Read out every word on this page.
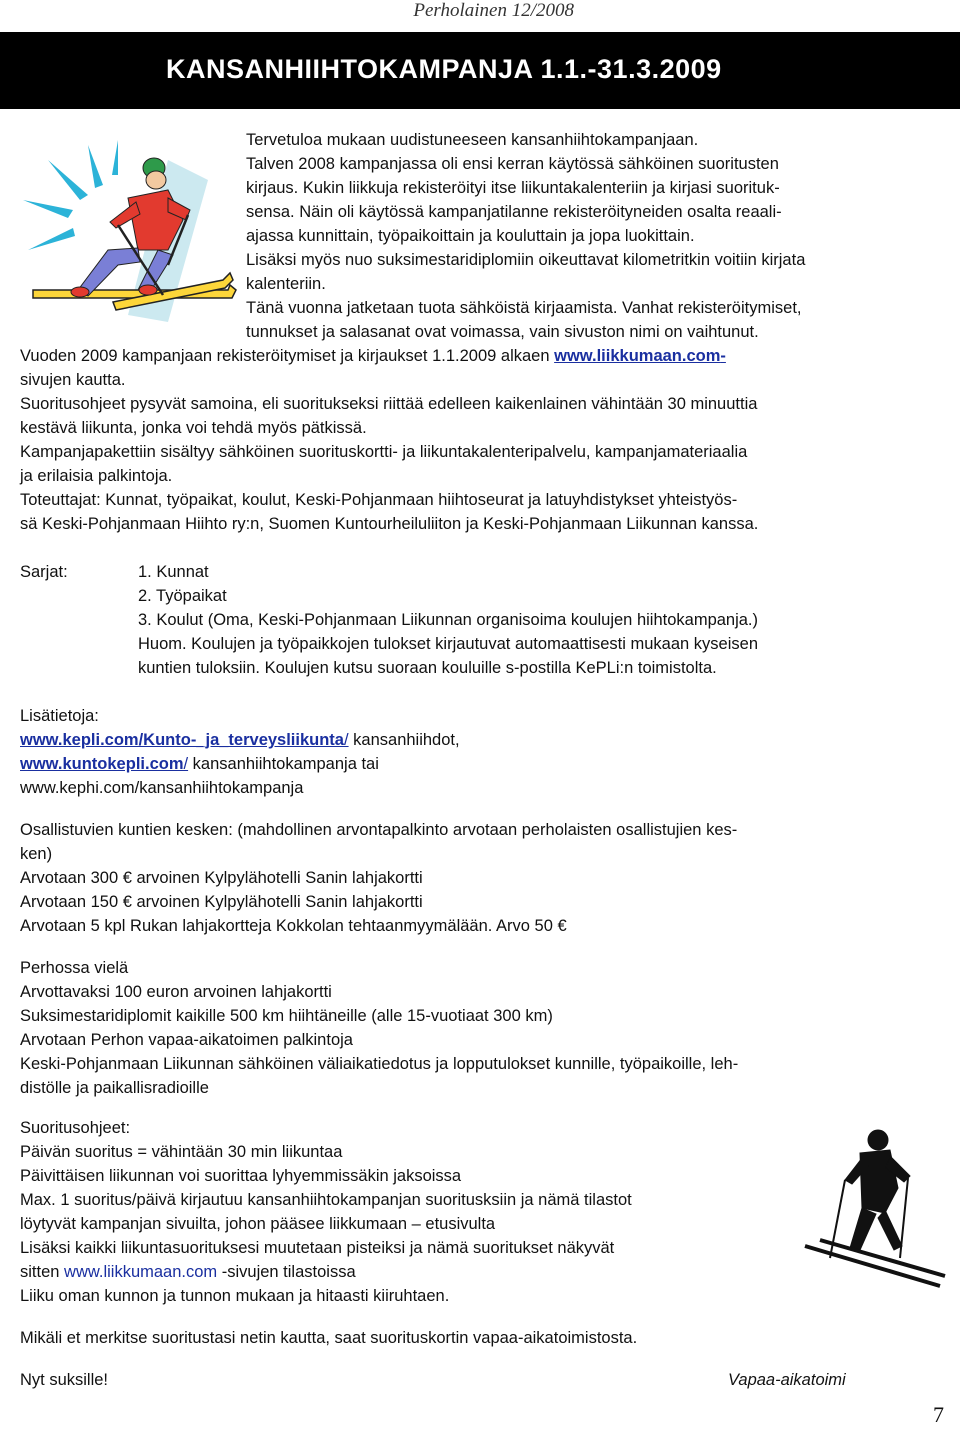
Perholainen 12/2008
KANSANHIIHTOKAMPANJA 1.1.-31.3.2009
Tervetuloa mukaan uudistuneeseen kansanhiihtokampanjaan.
Talven 2008 kampanjassa oli ensi kerran käytössä sähköinen suoritusten
kirjaus. Kukin liikkuja rekisteröityi itse liikuntakalenteriin ja kirjasi suorituk-
sensa. Näin oli käytössä kampanjatilanne rekisteröityneiden osalta reaali-
ajassa kunnittain, työpaikoittain ja kouluttain ja jopa luokittain.
Lisäksi myös nuo suksimestaridiplomiin oikeuttavat kilometritkin voitiin kirjata
kalenteriin.
Tänä vuonna jatketaan tuota sähköistä kirjaamista. Vanhat rekisteröitymiset,
tunnukset ja salasanat ovat voimassa, vain sivuston nimi on vaihtunut.
Vuoden 2009 kampanjaan rekisteröitymiset ja kirjaukset 1.1.2009 alkaen www.liikkumaan.com-
sivujen kautta.
Suoritusohjeet pysyvät samoina, eli suoritukseksi riittää edelleen kaikenlainen vähintään 30 minuuttia
kestävä liikunta, jonka voi tehdä myös pätkissä.
Kampanjapakettiin sisältyy sähköinen suorituskortti- ja liikuntakalenteripalvelu, kampanjamateriaalia
ja erilaisia palkintoja.
Toteuttajat: Kunnat, työpaikat, koulut, Keski-Pohjanmaan hiihtoseurat ja latuyhdistykset yhteistyös-
sä Keski-Pohjanmaan Hiihto ry:n, Suomen Kuntourheiluliiton ja Keski-Pohjanmaan Liikunnan kanssa.
Sarjat:	1. Kunnat
2. Työpaikat
3. Koulut (Oma, Keski-Pohjanmaan Liikunnan organisoima koulujen hiihtokampanja.)
Huom. Koulujen ja työpaikkojen tulokset kirjautuvat automaattisesti mukaan kyseisen
kuntien tuloksiin. Koulujen kutsu suoraan kouluille s-postilla KePLi:n toimistolta.
Lisätietoja:
www.kepli.com/Kunto-_ja_terveysliikunta/ kansanhiihdot,
www.kuntokepli.com/ kansanhiihtokampanja tai
www.kephi.com/kansanhiihtokampanja
Osallistuvien kuntien kesken: (mahdollinen arvontapalkinto arvotaan perholaisten osallistujien kes-
ken)
Arvotaan 300 € arvoinen Kylpylähotelli Sanin lahjakortti
Arvotaan 150 € arvoinen Kylpylähotelli Sanin lahjakortti
Arvotaan 5 kpl Rukan lahjakortteja Kokkolan tehtaanmyymälään. Arvo 50 €
Perhossa vielä
Arvottavaksi 100 euron arvoinen lahjakortti
Suksimestaridiplomit kaikille 500 km hiihtäneille (alle 15-vuotiaat 300 km)
Arvotaan Perhon vapaa-aikatoimen palkintoja
Keski-Pohjanmaan Liikunnan sähköinen väliaikatiedotus ja lopputulokset kunnille, työpaikoille, leh-
distölle ja paikallisradioille
Suoritusohjeet:
Päivän suoritus = vähintään 30 min liikuntaa
Päivittäisen liikunnan voi suorittaa lyhyemmissäkin jaksoissa
Max. 1 suoritus/päivä kirjautuu kansanhiihtokampanjan suoritusksiin ja nämä tilastot
löytyvät kampanjan sivuilta, johon pääsee liikkumaan – etusivulta
Lisäksi kaikki liikuntasuorituksesi muutetaan pisteiksi ja nämä suoritukset näkyvät
sitten www.liikkumaan.com -sivujen tilastoissa
Liiku oman kunnon ja tunnon mukaan ja hitaasti kiiruhtaen.
Mikäli et merkitse suoritustasi netin kautta, saat suorituskortin vapaa-aikatoimistosta.
Nyt suksille!	Vapaa-aikatoimi
7
